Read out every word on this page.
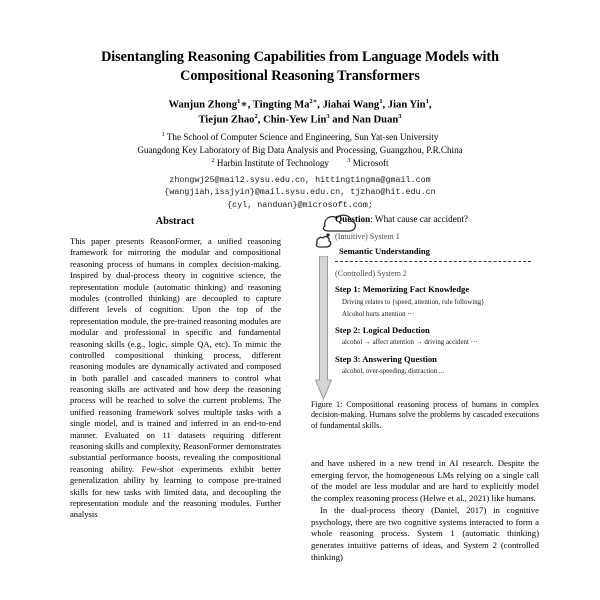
Disentangling Reasoning Capabilities from Language Models with
Compositional Reasoning Transformers
Wanjun Zhong$^1$∗, Tingting $Ma^{2∗}$, Jiahai Wang$^1$, Jian Yin$^1$,
Tiejun Zhao$^2$, Chin-Yew Lin$^3$ and Nan Duan$^3$
$^1$ The School of Computer Science and Engineering, Sun Yat-sen University
Guangdong Key Laboratory of Big Data Analysis and Processing, Guangzhou, P.R.China
$^2$ Harbin Institute of Technology	$^3$ Microsoft
zhongwj25@mail2.sysu.edu.cn, hittingtingma@gmail.com
{wangjiah,issjyin}@mail.sysu.edu.cn, tjzhao@hit.edu.cn
{cyl, nanduan}@microsoft.com;
Abstract

This paper presents ReasonFormer, a unified reasoning framework for mirroring the modular and compositional reasoning process of humans in complex decision-making. Inspired by dual-process theory in cognitive science, the representation module (automatic thinking) and reasoning modules (controlled thinking) are decoupled to capture different levels of cognition. Upon the top of the representation module, the pre-trained reasoning modules are modular and professional in specific and fundamental reasoning skills (e.g., logic, simple QA, etc). To mimic the controlled compositional thinking process, different reasoning modules are dynamically activated and composed in both parallel and cascaded manners to control what reasoning skills are activated and how deep the reasoning process will be reached to solve the current problems. The unified reasoning framework solves multiple tasks with a single model, and is trained and inferred in an end-to-end manner. Evaluated on 11 datasets requiring different reasoning skills and complexity, ReasonFormer demonstrates substantial performance boosts, revealing the compositional reasoning ability. Few-shot experiments exhibit better generalization ability by learning to compose pre-trained skills for new tasks with limited data, and decoupling the representation module and the reasoning modules. Further analysis

Question: What cause car accident?
(Intuitive) System 1
Semantic Understanding
(Controlled) System 2
Step 1: Memorizing Fact Knowledge
Driving relates to {speed, attention, rule following}
Alcohol hurts attention ···
Step 2: Logical Deduction
alcohol → affect attention → driving accident ···
Step 3: Answering Question
alcohol, over-speeding, distraction ...
Figure 1: Compositional reasoning process of humans in complex decision-making. Humans solve the problems by cascaded executions of fundamental skills.

and have ushered in a new trend in AI research. Despite the emerging fervor, the homogeneous LMs relying on a single call of the model are less modular and are hard to explicitly model the complex reasoning process (Helwe et al., 2021) like humans.

In the dual-process theory (Daniel, 2017) in cognitive psychology, there are two cognitive systems interacted to form a whole reasoning process. System 1 (automatic thinking) generates intuitive patterns of ideas, and System 2 (controlled thinking)
